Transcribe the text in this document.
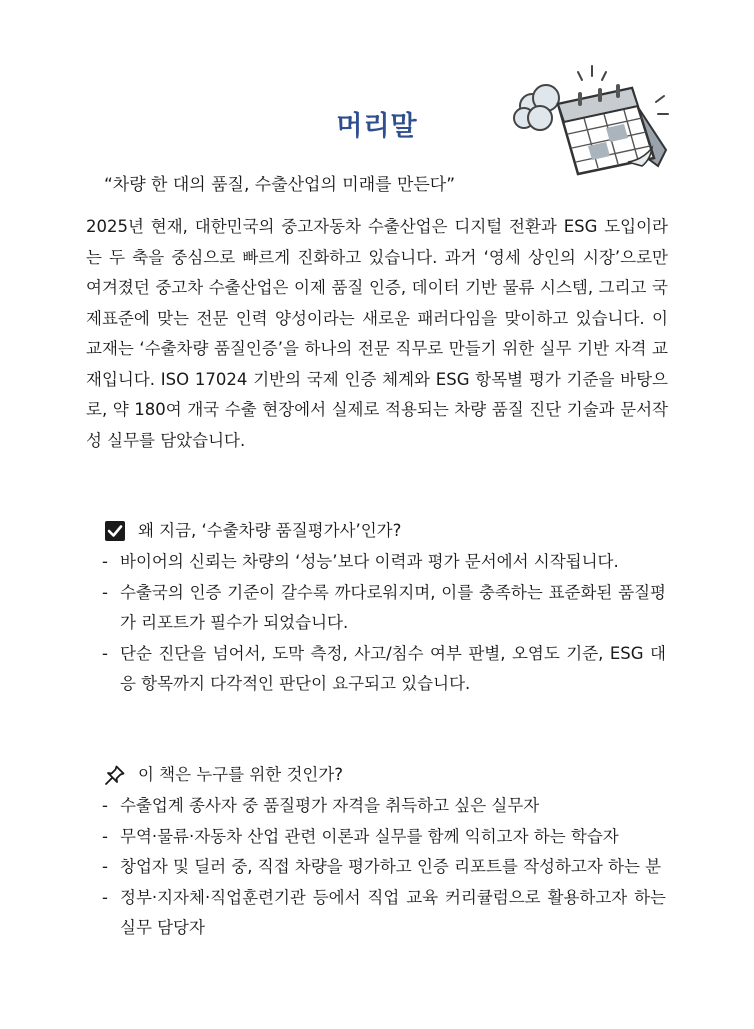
머리말
“차량 한 대의 품질, 수출산업의 미래를 만든다”

2025년 현재, 대한민국의 중고자동차 수출산업은 디지털 전환과 ESG 도입이라는 두 축을 중심으로 빠르게 진화하고 있습니다. 과거 ‘영세 상인의 시장’으로만 여겨졌던 중고차 수출산업은 이제 품질 인증, 데이터 기반 물류 시스템, 그리고 국제표준에 맞는 전문 인력 양성이라는 새로운 패러다임을 맞이하고 있습니다. 이 교재는 ‘수출차량 품질인증’을 하나의 전문 직무로 만들기 위한 실무 기반 자격 교재입니다. ISO 17024 기반의 국제 인증 체계와 ESG 항목별 평가 기준을 바탕으로, 약 180여 개국 수출 현장에서 실제로 적용되는 차량 품질 진단 기술과 문서작성 실무를 담았습니다.

왜 지금, ‘수출차량 품질평가사’인가?
- 바이어의 신뢰는 차량의 ‘성능’보다 이력과 평가 문서에서 시작됩니다.
- 수출국의 인증 기준이 갈수록 까다로워지며, 이를 충족하는 표준화된 품질평가 리포트가 필수가 되었습니다.
- 단순 진단을 넘어서, 도막 측정, 사고/침수 여부 판별, 오염도 기준, ESG 대응 항목까지 다각적인 판단이 요구되고 있습니다.
이 책은 누구를 위한 것인가?
- 수출업계 종사자 중 품질평가 자격을 취득하고 싶은 실무자
- 무역·물류·자동차 산업 관련 이론과 실무를 함께 익히고자 하는 학습자
- 창업자 및 딜러 중, 직접 차량을 평가하고 인증 리포트를 작성하고자 하는 분
- 정부·지자체·직업훈련기관 등에서 직업 교육 커리큘럼으로 활용하고자 하는 실무 담당자
